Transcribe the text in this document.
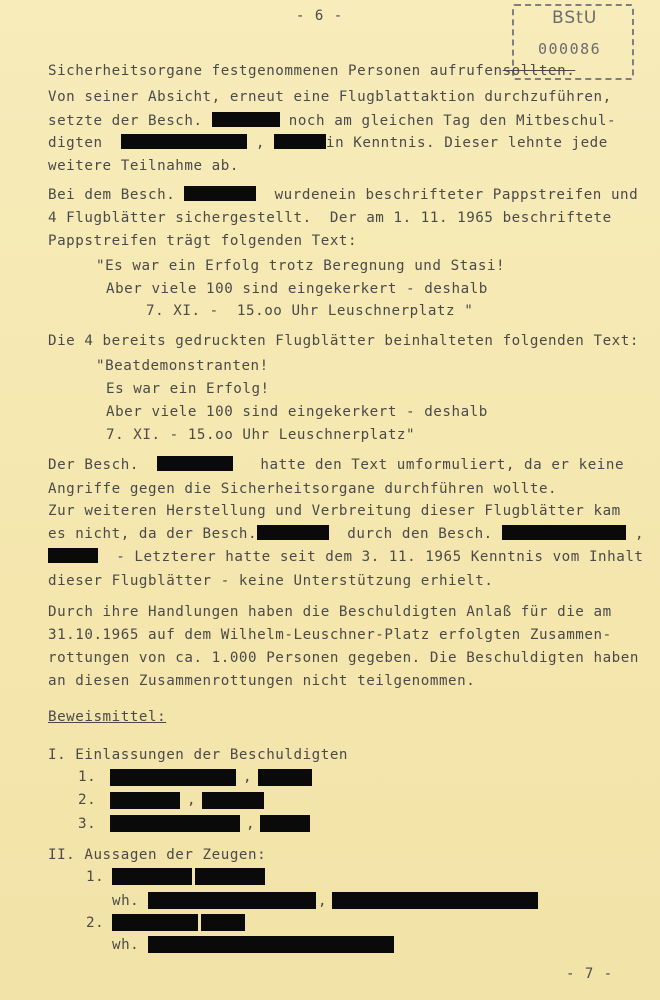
- 6 -	BStU
000086
Sicherheitsorgane festgenommenen Personen aufrufensollten.
Von seiner Absicht, erneut eine Flugblattaktion durchzuführen,
setzte der Besch.	noch am gleichen Tag den Mitbeschul-
digten	,	in Kenntnis. Dieser lehnte jede
weitere Teilnahme ab.
Bei dem Besch.	wurdenein beschrifteter Pappstreifen und
4 Flugblätter sichergestellt.  Der am 1. 11. 1965 beschriftete
Pappstreifen trägt folgenden Text:
"Es war ein Erfolg trotz Beregnung und Stasi!
Aber viele 100 sind eingekerkert - deshalb
7. XI. -  15.oo Uhr Leuschnerplatz "
Die 4 bereits gedruckten Flugblätter beinhalteten folgenden Text:
"Beatdemonstranten!
Es war ein Erfolg!
Aber viele 100 sind eingekerkert - deshalb
7. XI. - 15.oo Uhr Leuschnerplatz"
Der Besch.	hatte den Text umformuliert, da er keine
Angriffe gegen die Sicherheitsorgane durchführen wollte.
Zur weiteren Herstellung und Verbreitung dieser Flugblätter kam
es nicht, da der Besch.	durch den Besch.	,
- Letzterer hatte seit dem 3. 11. 1965 Kenntnis vom Inhalt
dieser Flugblätter - keine Unterstützung erhielt.
Durch ihre Handlungen haben die Beschuldigten Anlaß für die am
31.10.1965 auf dem Wilhelm-Leuschner-Platz erfolgten Zusammen-
rottungen von ca. 1.000 Personen gegeben. Die Beschuldigten haben
an diesen Zusammenrottungen nicht teilgenommen.
Beweismittel:
I. Einlassungen der Beschuldigten
1.	,
2.	,
3.	,
II. Aussagen der Zeugen:
1.
wh.	,
2.
wh.
- 7 -
